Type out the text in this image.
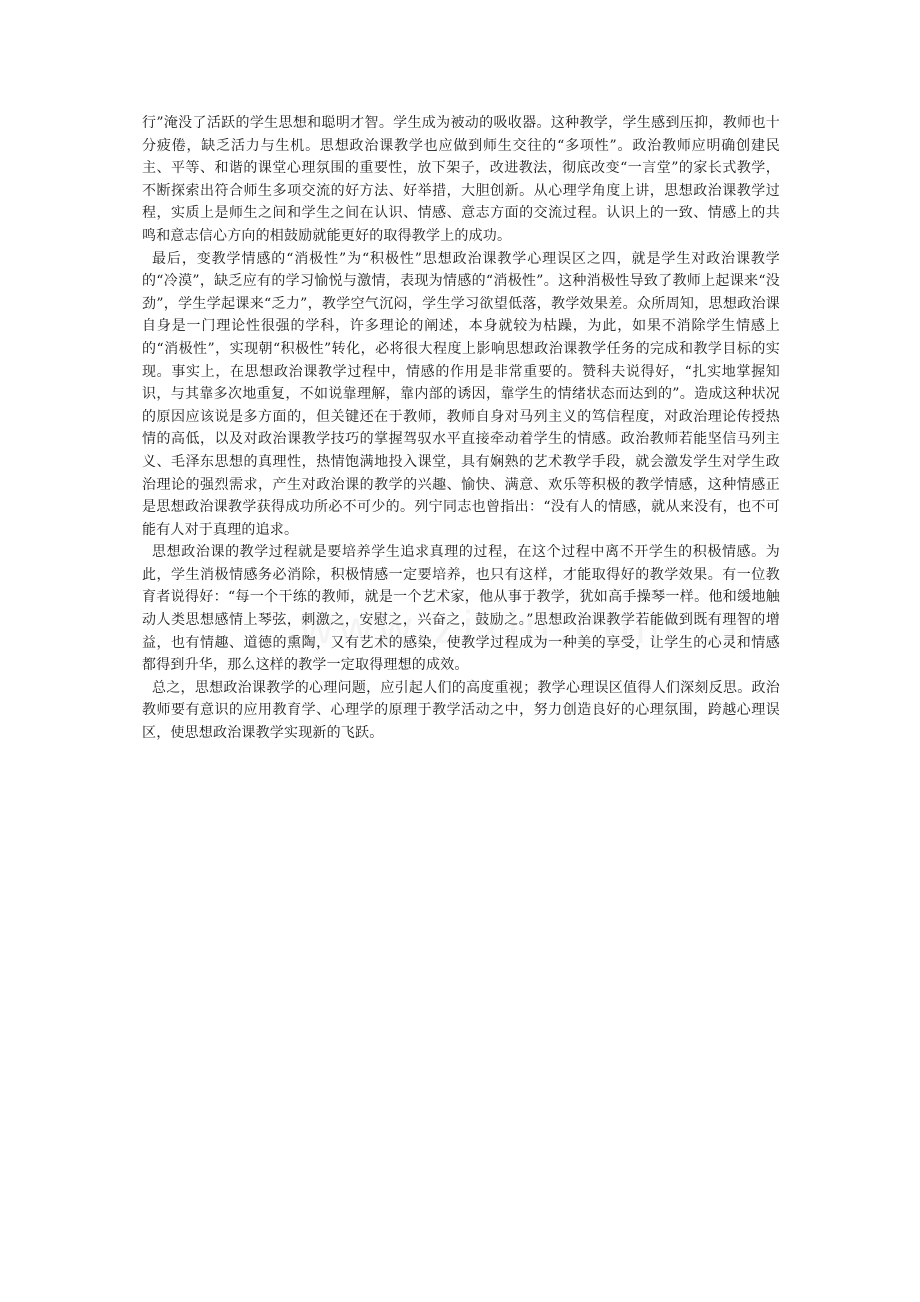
行”淹没了活跃的学生思想和聪明才智。学生成为被动的吸收器。这种教学，学生感到压抑，教师也十分疲倦，缺乏活力与生机。思想政治课教学也应做到师生交往的“多项性”。政治教师应明确创建民主、平等、和谐的课堂心理氛围的重要性，放下架子，改进教法，彻底改变“一言堂”的家长式教学，不断探索出符合师生多项交流的好方法、好举措，大胆创新。从心理学角度上讲，思想政治课教学过程，实质上是师生之间和学生之间在认识、情感、意志方面的交流过程。认识上的一致、情感上的共鸣和意志信心方向的相鼓励就能更好的取得教学上的成功。

最后，变教学情感的“消极性”为“积极性”思想政治课教学心理误区之四，就是学生对政治课教学的“冷漠”，缺乏应有的学习愉悦与激情，表现为情感的“消极性”。这种消极性导致了教师上起课来“没劲”，学生学起课来“乏力”，教学空气沉闷，学生学习欲望低落，教学效果差。众所周知，思想政治课自身是一门理论性很强的学科，许多理论的阐述，本身就较为枯躁，为此，如果不消除学生情感上的“消极性”，实现朝“积极性”转化，必将很大程度上影响思想政治课教学任务的完成和教学目标的实现。事实上，在思想政治课教学过程中，情感的作用是非常重要的。赞科夫说得好，“扎实地掌握知识，与其靠多次地重复，不如说靠理解，靠内部的诱因，靠学生的情绪状态而达到的”。造成这种状况的原因应该说是多方面的，但关键还在于教师，教师自身对马列主义的笃信程度，对政治理论传授热情的高低，以及对政治课教学技巧的掌握驾驭水平直接牵动着学生的情感。政治教师若能坚信马列主义、毛泽东思想的真理性，热情饱满地投入课堂，具有娴熟的艺术教学手段，就会激发学生对学生政治理论的强烈需求，产生对政治课的教学的兴趣、愉快、满意、欢乐等积极的教学情感，这种情感正是思想政治课教学获得成功所必不可少的。列宁同志也曾指出：“没有人的情感，就从来没有，也不可能有人对于真理的追求。

思想政治课的教学过程就是要培养学生追求真理的过程，在这个过程中离不开学生的积极情感。为此，学生消极情感务必消除，积极情感一定要培养，也只有这样，才能取得好的教学效果。有一位教育者说得好：“每一个干练的教师，就是一个艺术家，他从事于教学，犹如高手操琴一样。他和缓地触动人类思想感情上琴弦，刺激之，安慰之，兴奋之，鼓励之。”思想政治课教学若能做到既有理智的增益，也有情趣、道德的熏陶，又有艺术的感染，使教学过程成为一种美的享受，让学生的心灵和情感都得到升华，那么这样的教学一定取得理想的成效。

总之，思想政治课教学的心理问题，应引起人们的高度重视；教学心理误区值得人们深刻反思。政治教师要有意识的应用教育学、心理学的原理于教学活动之中，努力创造良好的心理氛围，跨越心理误区，使思想政治课教学实现新的飞跃。
